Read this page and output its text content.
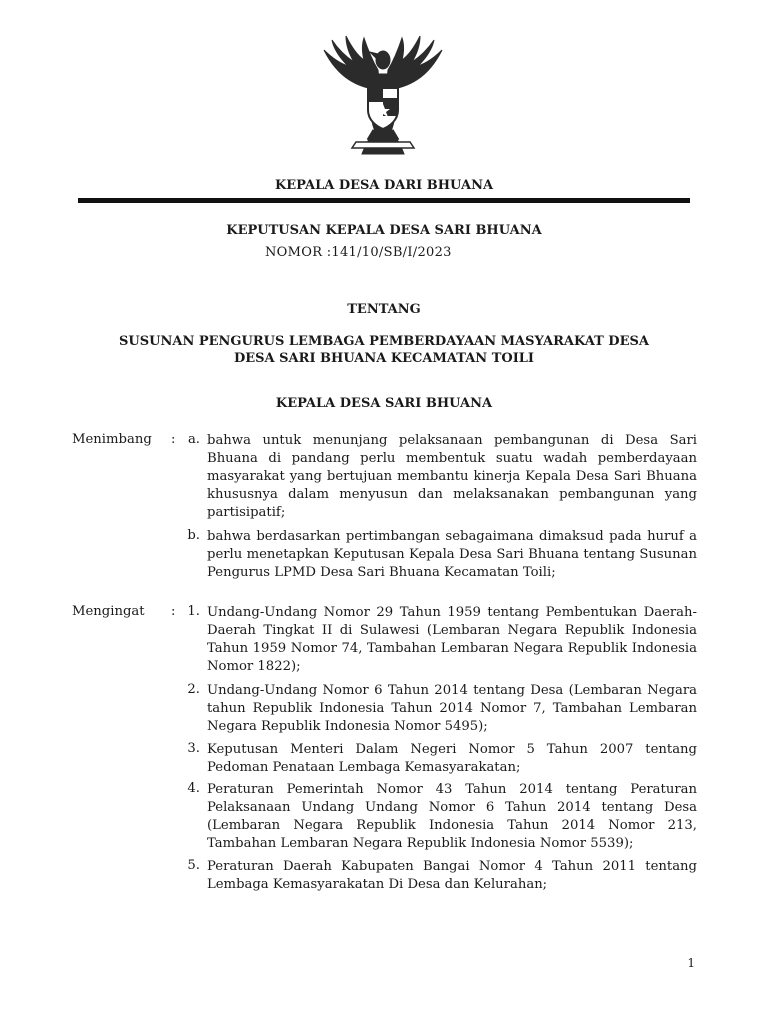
KEPALA DESA DARI BHUANA
KEPUTUSAN KEPALA DESA SARI BHUANA
NOMOR :141/10/SB/I/2023
TENTANG
SUSUNAN PENGURUS LEMBAGA PEMBERDAYAAN MASYARAKAT DESA
DESA SARI BHUANA KECAMATAN TOILI
KEPALA DESA SARI BHUANA
Menimbang : a. bahwa untuk menunjang pelaksanaan pembangunan di Desa Sari Bhuana di pandang perlu membentuk suatu wadah pemberdayaan masyarakat yang bertujuan membantu kinerja Kepala Desa Sari Bhuana khususnya dalam menyusun dan melaksanakan pembangunan yang partisipatif;
b. bahwa berdasarkan pertimbangan sebagaimana dimaksud pada huruf a perlu menetapkan Keputusan Kepala Desa Sari Bhuana tentang Susunan Pengurus LPMD Desa Sari Bhuana Kecamatan Toili;
Mengingat : 1. Undang-Undang Nomor 29 Tahun 1959 tentang Pembentukan Daerah-Daerah Tingkat II di Sulawesi (Lembaran Negara Republik Indonesia Tahun 1959 Nomor 74, Tambahan Lembaran Negara Republik Indonesia Nomor 1822);
2. Undang-Undang Nomor 6 Tahun 2014 tentang Desa (Lembaran Negara tahun Republik Indonesia Tahun 2014 Nomor 7, Tambahan Lembaran Negara Republik Indonesia Nomor 5495);
3. Keputusan Menteri Dalam Negeri Nomor 5 Tahun 2007 tentang Pedoman Penataan Lembaga Kemasyarakatan;
4. Peraturan Pemerintah Nomor 43 Tahun 2014 tentang Peraturan Pelaksanaan Undang Undang Nomor 6 Tahun 2014 tentang Desa (Lembaran Negara Republik Indonesia Tahun 2014 Nomor 213, Tambahan Lembaran Negara Republik Indonesia Nomor 5539);
5. Peraturan Daerah Kabupaten Bangai Nomor 4 Tahun 2011 tentang Lembaga Kemasyarakatan Di Desa dan Kelurahan;
1
